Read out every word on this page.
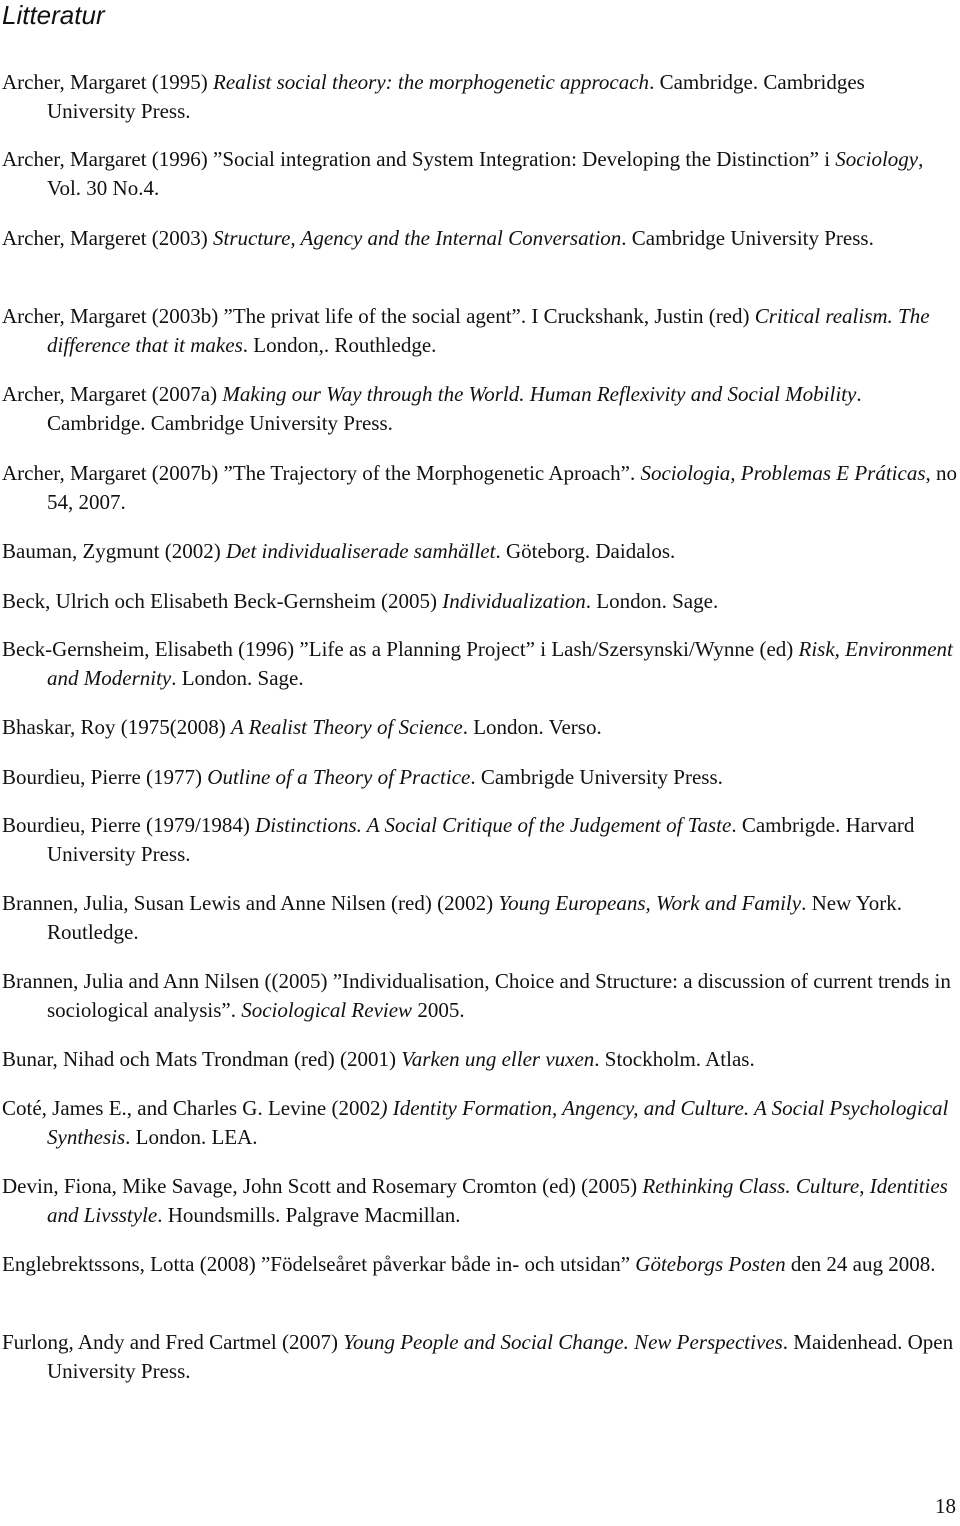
Litteratur
Archer, Margaret (1995) Realist social theory: the morphogenetic approcach. Cambridge. Cambridges University Press.
Archer, Margaret (1996) ”Social integration and System Integration: Developing the Distinction” i Sociology, Vol. 30 No.4.
Archer, Margeret (2003) Structure, Agency and the Internal Conversation. Cambridge University Press.
Archer, Margaret (2003b) ”The privat life of the social agent”. I Cruckshank, Justin (red) Critical realism. The difference that it makes. London,. Routhledge.
Archer, Margaret (2007a) Making our Way through the World. Human Reflexivity and Social Mobility. Cambridge. Cambridge University Press.
Archer, Margaret (2007b) ”The Trajectory of the Morphogenetic Aproach”. Sociologia, Problemas E Práticas, no 54, 2007.
Bauman, Zygmunt (2002) Det individualiserade samhället. Göteborg. Daidalos.
Beck, Ulrich och Elisabeth Beck-Gernsheim (2005) Individualization. London. Sage.
Beck-Gernsheim, Elisabeth (1996) ”Life as a Planning Project” i Lash/Szersynski/Wynne (ed) Risk, Environment and Modernity. London. Sage.
Bhaskar, Roy (1975(2008) A Realist Theory of Science. London. Verso.
Bourdieu, Pierre (1977) Outline of a Theory of Practice. Cambrigde University Press.
Bourdieu, Pierre (1979/1984) Distinctions. A Social Critique of the Judgement of Taste. Cambrigde. Harvard University Press.
Brannen, Julia, Susan Lewis and Anne Nilsen (red) (2002) Young Europeans, Work and Family. New York. Routledge.
Brannen, Julia and Ann Nilsen ((2005) ”Individualisation, Choice and Structure: a discussion of current trends in sociological analysis”. Sociological Review 2005.
Bunar, Nihad och Mats Trondman (red) (2001) Varken ung eller vuxen. Stockholm. Atlas.
Coté, James E., and Charles G. Levine (2002) Identity Formation, Angency, and Culture. A Social Psychological Synthesis. London. LEA.
Devin, Fiona, Mike Savage, John Scott and Rosemary Cromton (ed) (2005) Rethinking Class. Culture, Identities and Livsstyle. Houndsmills. Palgrave Macmillan.
Englebrektssons, Lotta (2008) ”Födelseåret påverkar både in- och utsidan” Göteborgs Posten den 24 aug 2008.
Furlong, Andy and Fred Cartmel (2007) Young People and Social Change. New Perspectives. Maidenhead. Open University Press.
18
